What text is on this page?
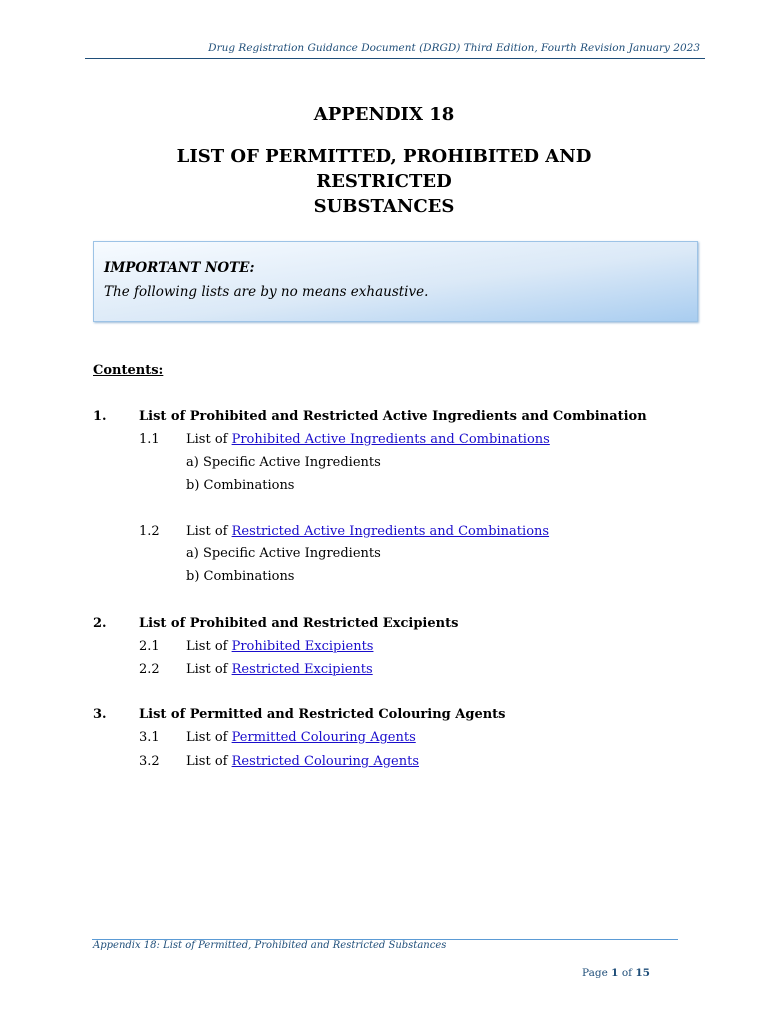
Drug Registration Guidance Document (DRGD) Third Edition, Fourth Revision January 2023
APPENDIX 18
LIST OF PERMITTED, PROHIBITED AND RESTRICTED
SUBSTANCES
IMPORTANT NOTE:
The following lists are by no means exhaustive.
Contents:
1. List of Prohibited and Restricted Active Ingredients and Combination
1.1 List of Prohibited Active Ingredients and Combinations
a) Specific Active Ingredients
b) Combinations
1.2 List of Restricted Active Ingredients and Combinations
a) Specific Active Ingredients
b) Combinations
2. List of Prohibited and Restricted Excipients
2.1 List of Prohibited Excipients
2.2 List of Restricted Excipients
3. List of Permitted and Restricted Colouring Agents
3.1 List of Permitted Colouring Agents
3.2 List of Restricted Colouring Agents
Appendix 18: List of Permitted, Prohibited and Restricted Substances
Page 1 of 15
